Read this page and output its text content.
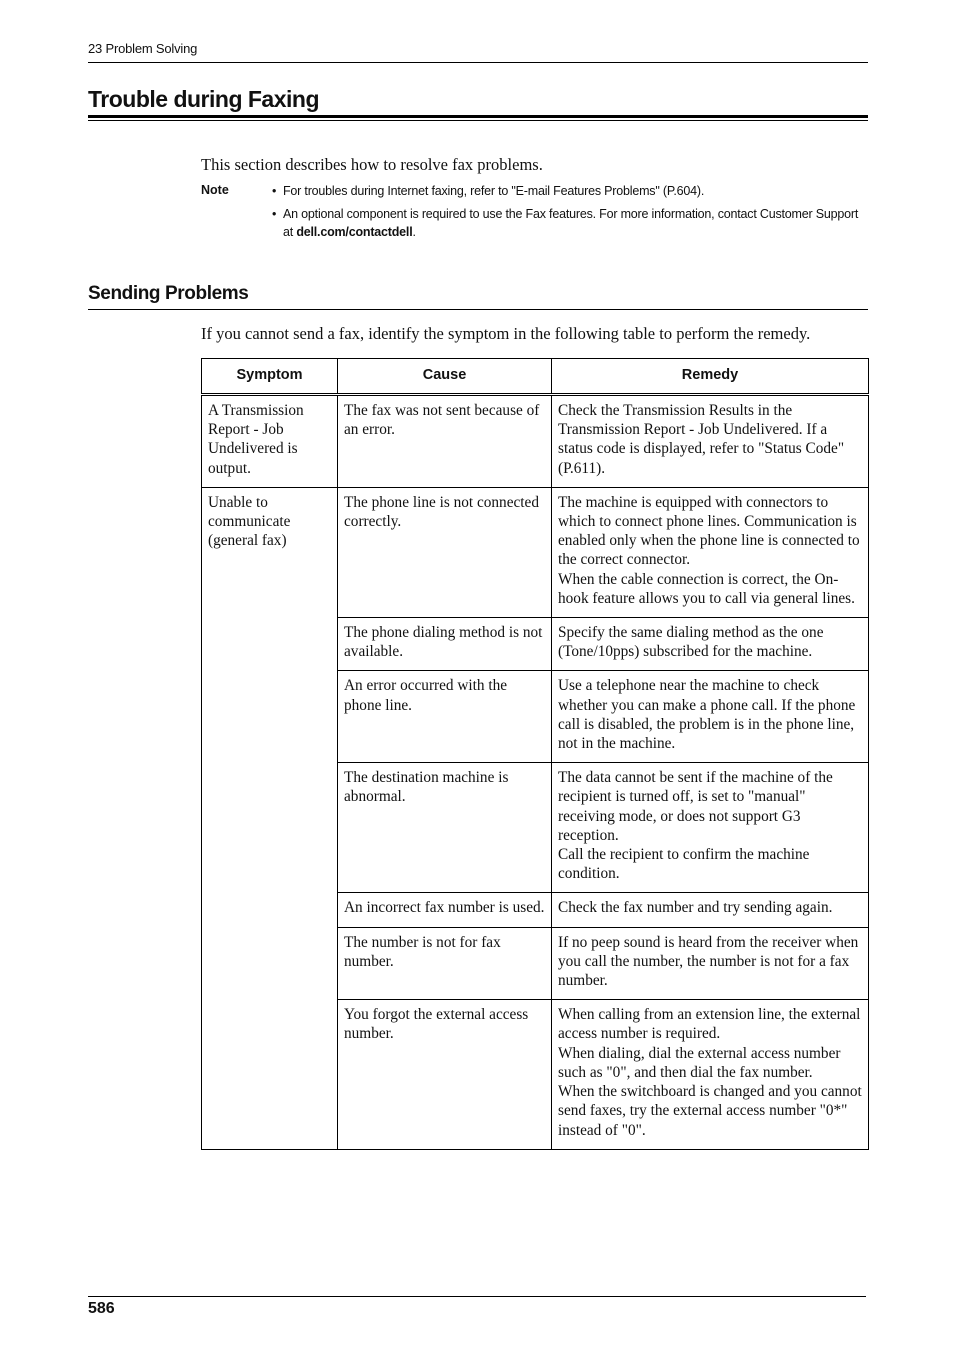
23 Problem Solving
Trouble during Faxing
This section describes how to resolve fax problems.
Note	• For troubles during Internet faxing, refer to "E-mail Features Problems" (P.604).
• An optional component is required to use the Fax features. For more information, contact Customer Support at dell.com/contactdell.
Sending Problems
If you cannot send a fax, identify the symptom in the following table to perform the remedy.
Symptom	Cause	Remedy
A Transmission Report - Job Undelivered is output.	The fax was not sent because of an error.	Check the Transmission Results in the Transmission Report - Job Undelivered. If a status code is displayed, refer to "Status Code" (P.611).
Unable to communicate (general fax)	The phone line is not connected correctly.	The machine is equipped with connectors to which to connect phone lines. Communication is enabled only when the phone line is connected to the correct connector.
When the cable connection is correct, the On-hook feature allows you to call via general lines.

	The phone dialing method is not available.	Specify the same dialing method as the one (Tone/10pps) subscribed for the machine.

	An error occurred with the phone line.	Use a telephone near the machine to check whether you can make a phone call. If the phone call is disabled, the problem is in the phone line, not in the machine.

	The destination machine is abnormal.	The data cannot be sent if the machine of the recipient is turned off, is set to "manual" receiving mode, or does not support G3 reception.
Call the recipient to confirm the machine condition.

	An incorrect fax number is used.	Check the fax number and try sending again.

	The number is not for fax number.	If no peep sound is heard from the receiver when you call the number, the number is not for a fax number.

	You forgot the external access number.	When calling from an extension line, the external access number is required.
When dialing, dial the external access number such as "0", and then dial the fax number.
When the switchboard is changed and you cannot send faxes, try the external access number "0*" instead of "0".
586
